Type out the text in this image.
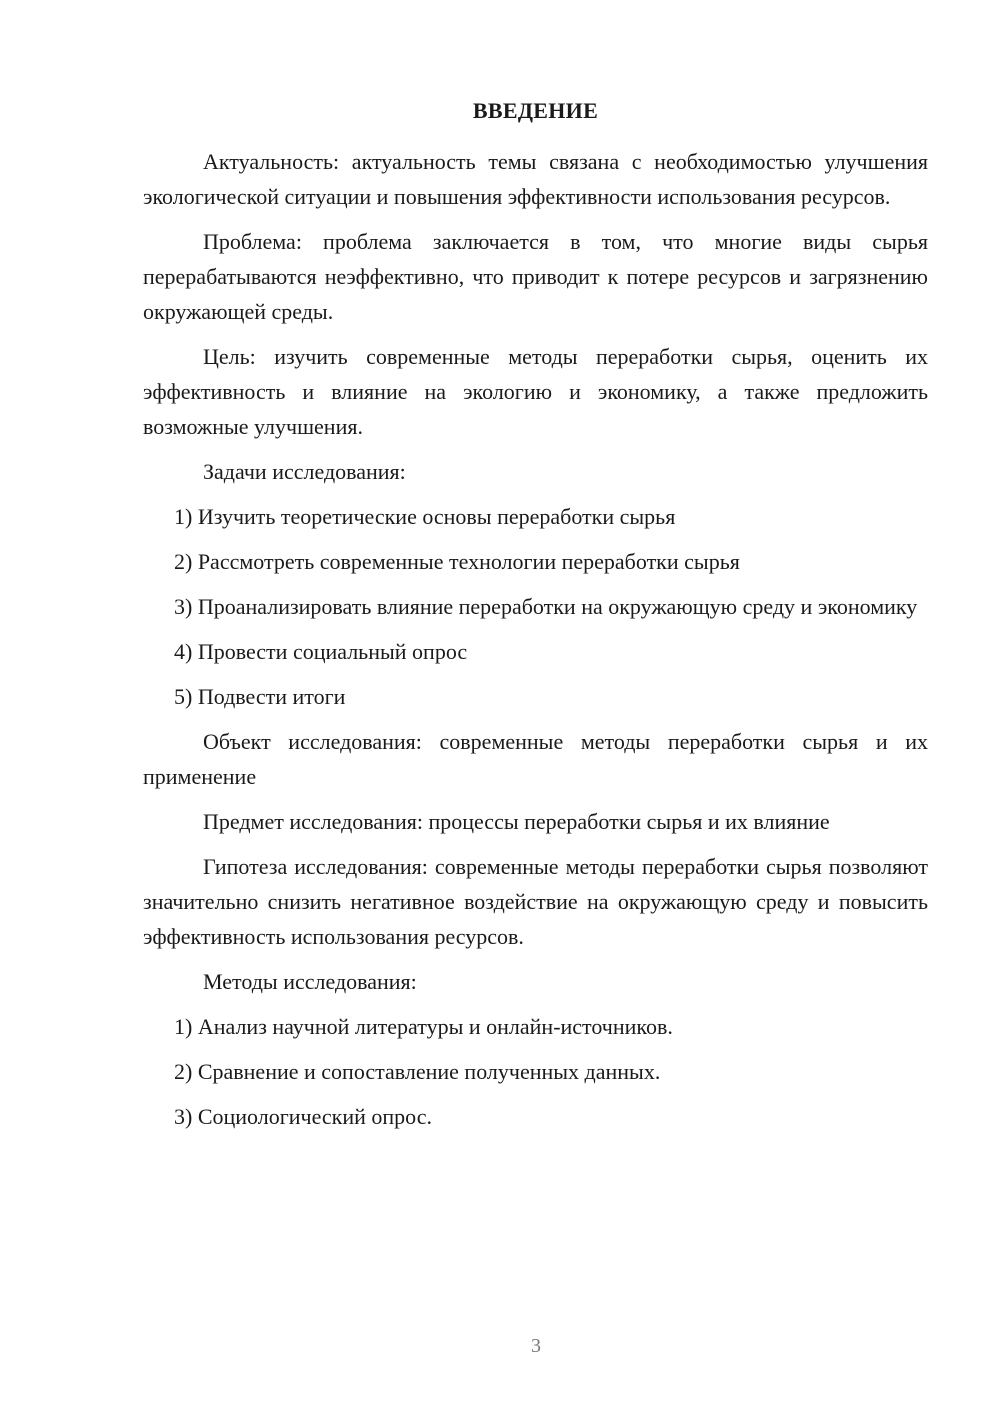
ВВЕДЕНИЕ

Актуальность: актуальность темы связана с необходимостью улучшения экологической ситуации и повышения эффективности использования ресурсов.

Проблема: проблема заключается в том, что многие виды сырья перерабатываются неэффективно, что приводит к потере ресурсов и загрязнению окружающей среды.

Цель: изучить современные методы переработки сырья, оценить их эффективность и влияние на экологию и экономику, а также предложить возможные улучшения.

Задачи исследования:

1) Изучить теоретические основы переработки сырья

2) Рассмотреть современные технологии переработки сырья

3) Проанализировать влияние переработки на окружающую среду и экономику

4) Провести социальный опрос

5) Подвести итоги

Объект исследования: современные методы переработки сырья и их применение

Предмет исследования: процессы переработки сырья и их влияние

Гипотеза исследования: современные методы переработки сырья позволяют значительно снизить негативное воздействие на окружающую среду и повысить эффективность использования ресурсов.

Методы исследования:

1) Анализ научной литературы и онлайн-источников.

2) Сравнение и сопоставление полученных данных.

3) Социологический опрос.

3
